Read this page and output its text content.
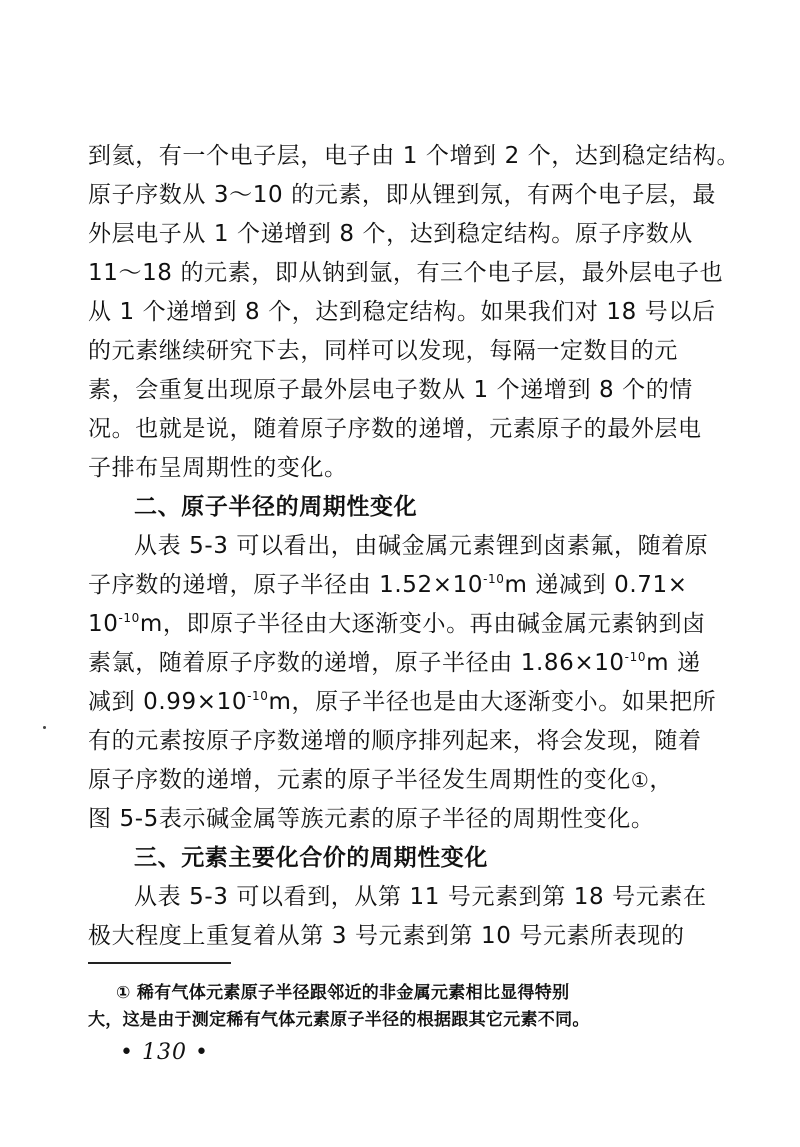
到氦，有一个电子层，电子由 1 个增到 2 个，达到稳定结构。
原子序数从 3～10 的元素，即从锂到氖，有两个电子层，最
外层电子从 1 个递增到 8 个，达到稳定结构。原子序数从
11～18 的元素，即从钠到氩，有三个电子层，最外层电子也
从 1 个递增到 8 个，达到稳定结构。如果我们对 18 号以后
的元素继续研究下去，同样可以发现，每隔一定数目的元
素，会重复出现原子最外层电子数从 1 个递增到 8 个的情
况。也就是说，随着原子序数的递增，元素原子的最外层电
子排布呈周期性的变化。
二、原子半径的周期性变化
从表 5-3 可以看出，由碱金属元素锂到卤素氟，随着原
子序数的递增，原子半径由 $1.52\times 10^{-10}m$ 递减到 0.71×
$10^{-10}m$，即原子半径由大逐渐变小。再由碱金属元素钠到卤
素氯，随着原子序数的递增，原子半径由 $1.86\times 10^{-10}m$ 递
减到 $0.99\times 10^{-10}m$，原子半径也是由大逐渐变小。如果把所
有的元素按原子序数递增的顺序排列起来，将会发现，随着
原子序数的递增，元素的原子半径发生周期性的变化①，
图 5-5表示碱金属等族元素的原子半径的周期性变化。
三、元素主要化合价的周期性变化
从表 5-3 可以看到，从第 11 号元素到第 18 号元素在
极大程度上重复着从第 3 号元素到第 10 号元素所表现的
① 稀有气体元素原子半径跟邻近的非金属元素相比显得特别
大，这是由于测定稀有气体元素原子半径的根据跟其它元素不同。
• 130 •
